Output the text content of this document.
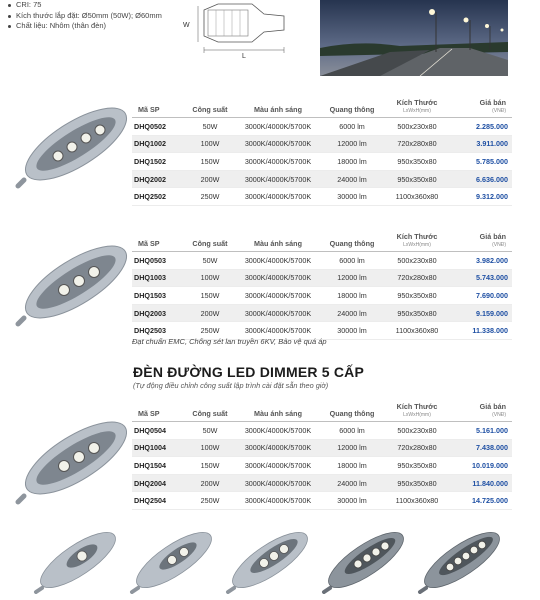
CRI: 75
Kích thước lắp đặt: Ø50mm (50W); Ø60mm
Chất liệu: Nhôm (thân đèn)	W
L
Mã SP	Công suất	Màu ánh sáng	Quang thông	Kích Thước
LxWxH(mm)	Giá bán
(VNĐ)

DHQ0502	50W	3000K/4000K/5700K	6000 lm	500x230x80	2.285.000
DHQ1002	100W	3000K/4000K/5700K	12000 lm	720x280x80	3.911.000
DHQ1502	150W	3000K/4000K/5700K	18000 lm	950x350x80	5.785.000
DHQ2002	200W	3000K/4000K/5700K	24000 lm	950x350x80	6.636.000
DHQ2502	250W	3000K/4000K/5700K	30000 lm	1100x360x80	9.312.000
Mã SP	Công suất	Màu ánh sáng	Quang thông	Kích Thước
LxWxH(mm)	Giá bán
(VNĐ)

DHQ0503	50W	3000K/4000K/5700K	6000 lm	500x230x80	3.982.000
DHQ1003	100W	3000K/4000K/5700K	12000 lm	720x280x80	5.743.000
DHQ1503	150W	3000K/4000K/5700K	18000 lm	950x350x80	7.690.000
DHQ2003	200W	3000K/4000K/5700K	24000 lm	950x350x80	9.159.000
DHQ2503	250W	3000K/4000K/5700K	30000 lm	1100x360x80	11.338.000
Đạt chuẩn EMC, Chống sét lan truyền 6KV, Bảo vệ quá áp
ĐÈN ĐƯỜNG LED DIMMER 5 CẤP
(Tự động điều chỉnh công suất lập trình cài đặt sẵn theo giờ)
Mã SP	Công suất	Màu ánh sáng	Quang thông	Kích Thước
LxWxH(mm)	Giá bán
(VNĐ)

DHQ0504	50W	3000K/4000K/5700K	6000 lm	500x230x80	5.161.000
DHQ1004	100W	3000K/4000K/5700K	12000 lm	720x280x80	7.438.000
DHQ1504	150W	3000K/4000K/5700K	18000 lm	950x350x80	10.019.000
DHQ2004	200W	3000K/4000K/5700K	24000 lm	950x350x80	11.840.000
DHQ2504	250W	3000K/4000K/5700K	30000 lm	1100x360x80	14.725.000
